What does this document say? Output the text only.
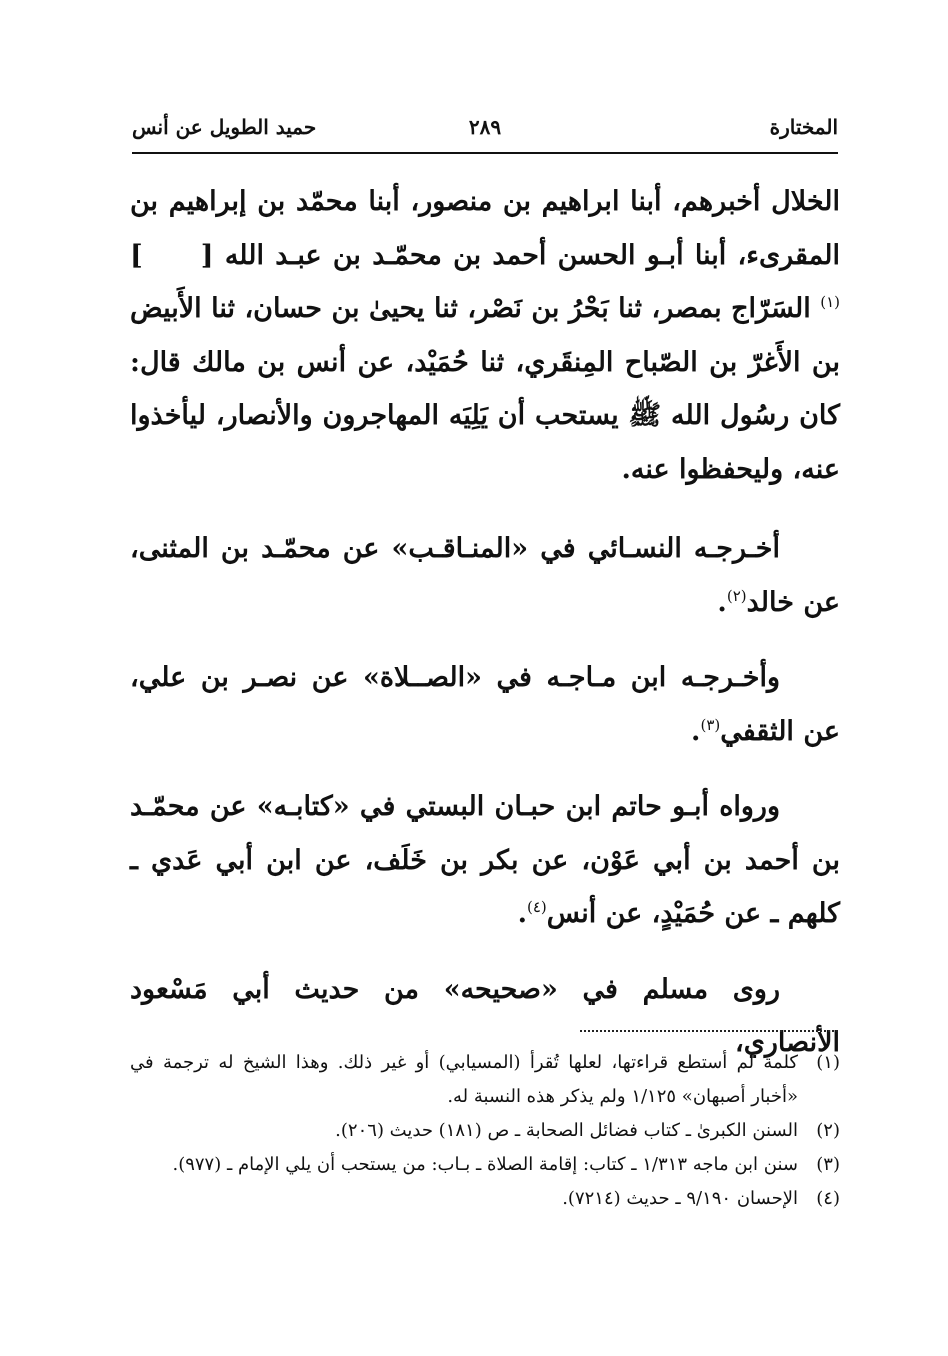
المختارة
٢٨٩
حميد الطويل عن أنس

الخلال أخبرهم، أبنا ابراهيم بن منصور، أبنا محمّد بن إبراهيم بن المقرىء، أبنا أبـو الحسن أحمد بن محمّـد بن عبـد الله []$^{(١)}$ السَرّاج بمصر، ثنا بَحْرُ بن نَصْر، ثنا يحيىٰ بن حسان، ثنا الأَبيض بن الأَغرّ بن الصّباح المِنقَري، ثنا حُمَيْد، عن أنس بن مالك قال: كان رسُول الله ﷺ يستحب أن يَلِيَه المهاجرون والأنصار، ليأخذوا عنه، وليحفظوا عنه.

أخـرجـه النسـائي في «المنـاقـب» عن محمّـد بن المثنى، عن خالد$^{(٢)}$.

وأخـرجـه ابن مـاجـه في «الصــلاة» عن نصـر بن علي، عن الثقفي$^{(٣)}$.

ورواه أبـو حاتم ابن حبـان البستي في «كتابـه» عن محمّـد بن أحمد بن أبي عَوْن، عن بكر بن خَلَف، عن ابن أبي عَدي ـ كلهم ـ عن حُمَيْدٍ، عن أنس$^{(٤)}$.

روى مسلم في «صحيحه» من حديث أبي مَسْعود الأنصاري،

(١)
كلمة لم أستطع قراءتها، لعلها تُقرأ (المسيابي) أو غير ذلك. وهذا الشيخ له ترجمة في «أخبار أصبهان» ١/١٢٥ ولم يذكر هذه النسبة له.

(٢)
السنن الكبرىٰ ـ كتاب فضائل الصحابة ـ ص (١٨١) حديث (٢٠٦).

(٣)
سنن ابن ماجه ١/٣١٣ ـ كتاب: إقامة الصلاة ـ بـاب: من يستحب أن يلي الإمام ـ (٩٧٧).

(٤)
الإحسان ٩/١٩٠ ـ حديث (٧٢١٤).
